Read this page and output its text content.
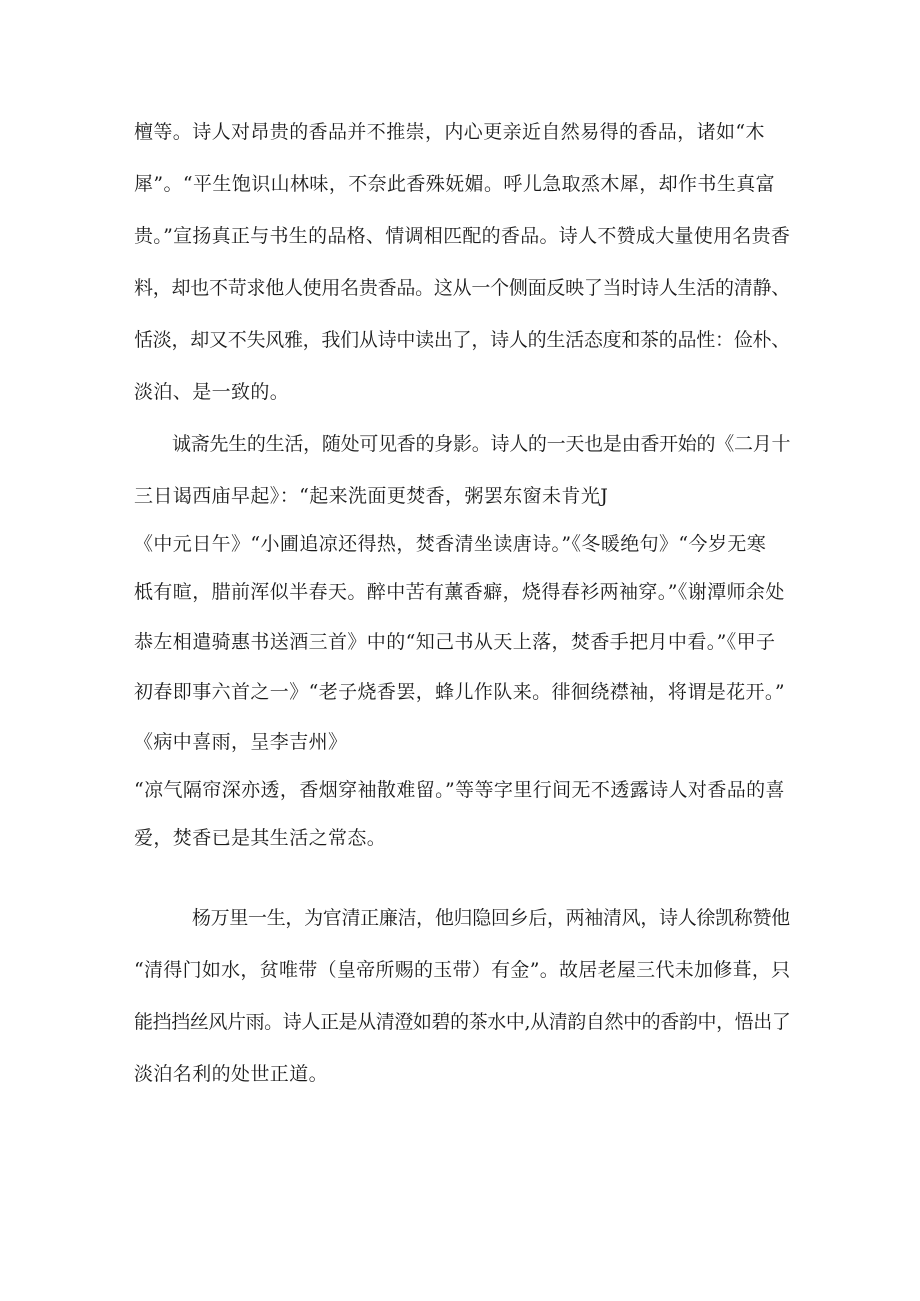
檀等。诗人对昂贵的香品并不推崇，内心更亲近自然易得的香品，诸如“木
犀”。“平生饱识山林味，不奈此香殊妩媚。呼儿急取烝木犀，却作书生真富
贵。”宣扬真正与书生的品格、情调相匹配的香品。诗人不赞成大量使用名贵香
料，却也不苛求他人使用名贵香品。这从一个侧面反映了当时诗人生活的清静、
恬淡，却又不失风雅，我们从诗中读出了，诗人的生活态度和茶的品性：俭朴、
淡泊、是一致的。
诚斋先生的生活，随处可见香的身影。诗人的一天也是由香开始的《二月十
三日谒西庙早起》：“起来洗面更焚香，粥罢东窗未肯光J
《中元日午》“小圃追凉还得热，焚香清坐读唐诗。”《冬暖绝句》“今岁无寒
柢有暄，腊前浑似半春天。醉中苦有薰香癖，烧得春衫两袖穿。”《谢潭师余处
恭左相遣骑惠书送酒三首》中的“知己书从天上落，焚香手把月中看。”《甲子
初春即事六首之一》“老子烧香罢，蜂儿作队来。徘徊绕襟袖，将谓是花开。”
《病中喜雨，呈李吉州》
“凉气隔帘深亦透，香烟穿袖散难留。”等等字里行间无不透露诗人对香品的喜
爱，焚香已是其生活之常态。
杨万里一生，为官清正廉洁，他归隐回乡后，两袖清风，诗人徐凯称赞他
“清得门如水，贫唯带（皇帝所赐的玉带）有金”。故居老屋三代未加修葺，只
能挡挡丝风片雨。诗人正是从清澄如碧的茶水中,从清韵自然中的香韵中，悟出了
淡泊名利的处世正道。
